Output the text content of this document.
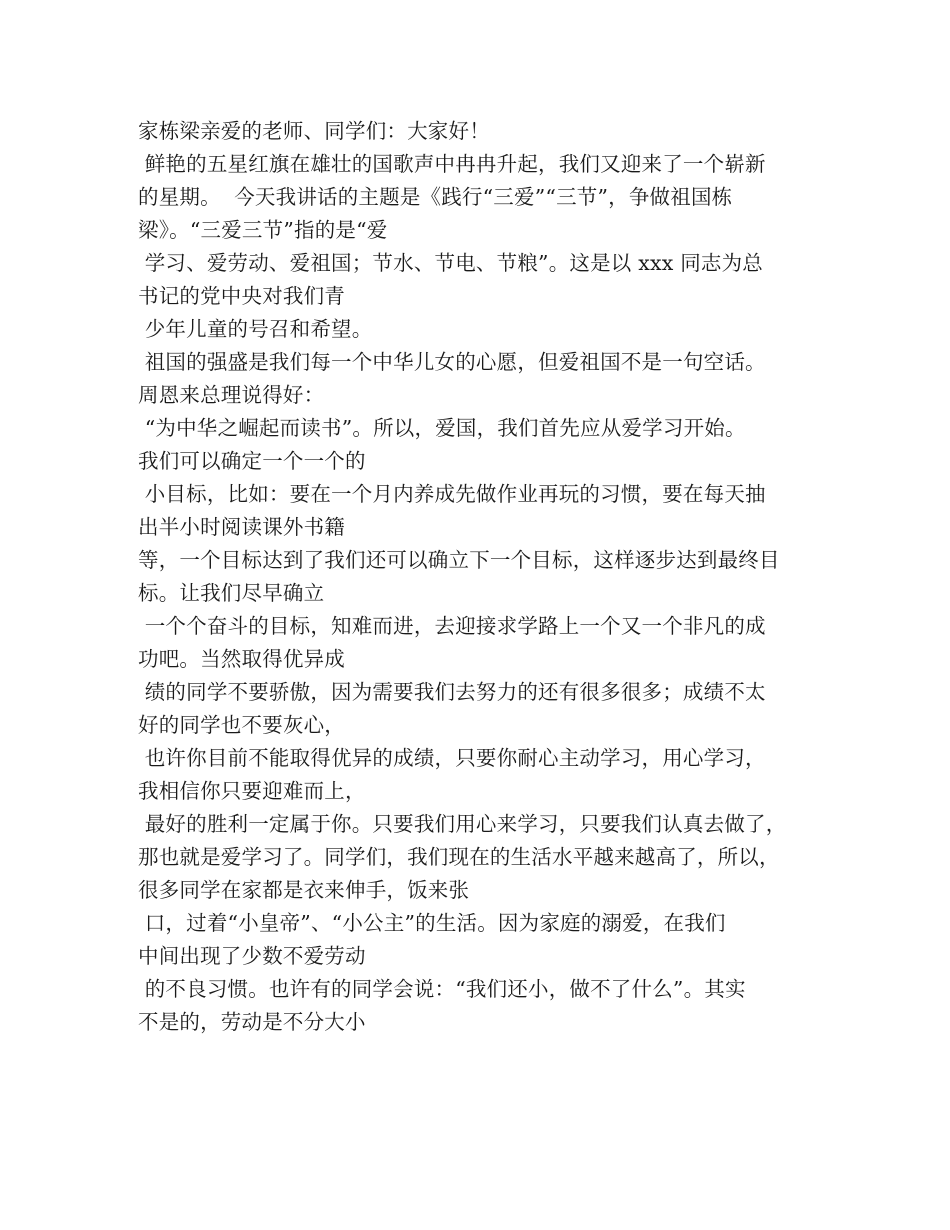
家栋梁亲爱的老师、同学们：大家好！
鲜艳的五星红旗在雄壮的国歌声中冉冉升起，我们又迎来了一个崭新
的星期。  今天我讲话的主题是《践行“三爱”“三节”，争做祖国栋
梁》。“三爱三节”指的是“爱
学习、爱劳动、爱祖国；节水、节电、节粮”。这是以 xxx 同志为总
书记的党中央对我们青
少年儿童的号召和希望。
祖国的强盛是我们每一个中华儿女的心愿，但爱祖国不是一句空话。
周恩来总理说得好：
“为中华之崛起而读书”。所以，爱国，我们首先应从爱学习开始。
我们可以确定一个一个的
小目标，比如：要在一个月内养成先做作业再玩的习惯，要在每天抽
出半小时阅读课外书籍
等，一个目标达到了我们还可以确立下一个目标，这样逐步达到最终目
标。让我们尽早确立
一个个奋斗的目标，知难而进，去迎接求学路上一个又一个非凡的成
功吧。当然取得优异成
绩的同学不要骄傲，因为需要我们去努力的还有很多很多；成绩不太
好的同学也不要灰心，
也许你目前不能取得优异的成绩，只要你耐心主动学习，用心学习，
我相信你只要迎难而上，
最好的胜利一定属于你。只要我们用心来学习，只要我们认真去做了，
那也就是爱学习了。同学们，我们现在的生活水平越来越高了，所以，
很多同学在家都是衣来伸手，饭来张
口，过着“小皇帝”、“小公主”的生活。因为家庭的溺爱，在我们
中间出现了少数不爱劳动
的不良习惯。也许有的同学会说：“我们还小，做不了什么”。其实
不是的，劳动是不分大小
